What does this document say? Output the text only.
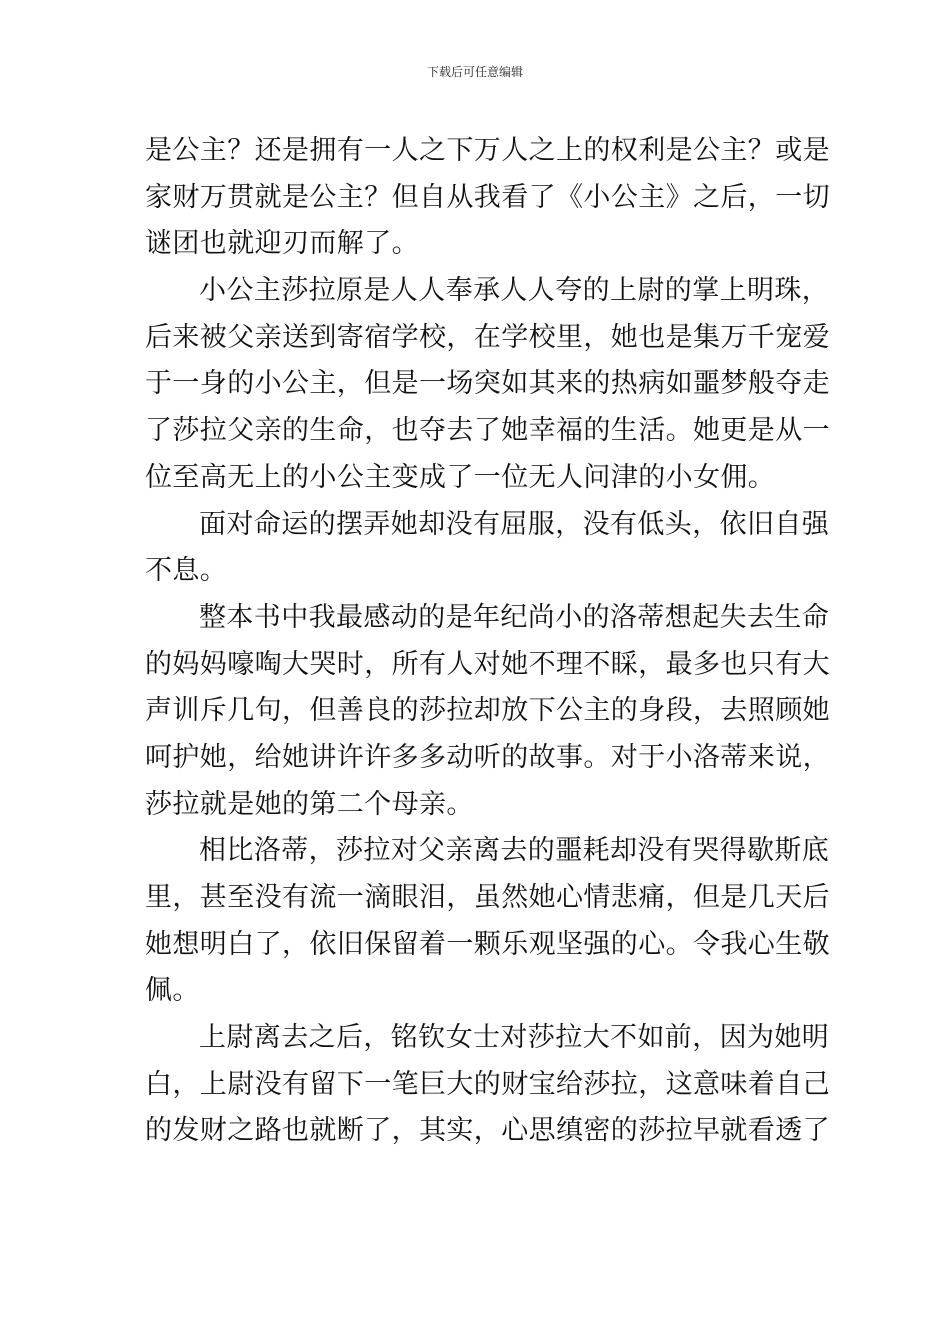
下载后可任意编辑
是公主？还是拥有一人之下万人之上的权利是公主？或是
家财万贯就是公主？但自从我看了《小公主》之后，一切
谜团也就迎刃而解了。
小公主莎拉原是人人奉承人人夸的上尉的掌上明珠，
后来被父亲送到寄宿学校，在学校里，她也是集万千宠爱
于一身的小公主，但是一场突如其来的热病如噩梦般夺走
了莎拉父亲的生命，也夺去了她幸福的生活。她更是从一
位至高无上的小公主变成了一位无人问津的小女佣。
面对命运的摆弄她却没有屈服，没有低头，依旧自强
不息。
整本书中我最感动的是年纪尚小的洛蒂想起失去生命
的妈妈嚎啕大哭时，所有人对她不理不睬，最多也只有大
声训斥几句，但善良的莎拉却放下公主的身段，去照顾她
呵护她，给她讲许许多多动听的故事。对于小洛蒂来说，
莎拉就是她的第二个母亲。
相比洛蒂，莎拉对父亲离去的噩耗却没有哭得歇斯底
里，甚至没有流一滴眼泪，虽然她心情悲痛，但是几天后
她想明白了，依旧保留着一颗乐观坚强的心。令我心生敬
佩。
上尉离去之后，铭钦女士对莎拉大不如前，因为她明
白，上尉没有留下一笔巨大的财宝给莎拉，这意味着自己
的发财之路也就断了，其实，心思缜密的莎拉早就看透了
